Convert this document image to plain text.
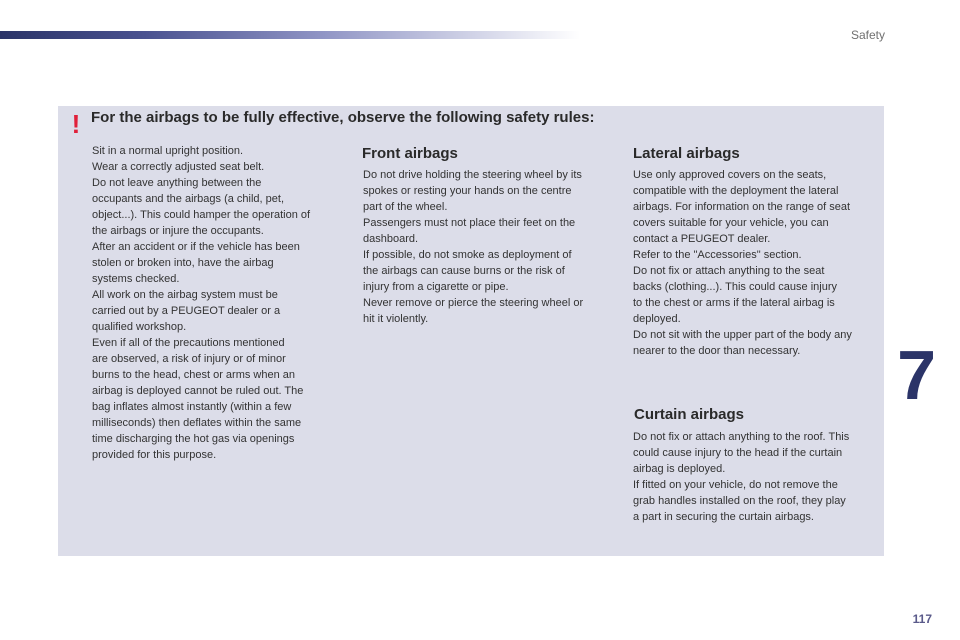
Safety
! For the airbags to be fully effective, observe the following safety rules:

Sit in a normal upright position.

Wear a correctly adjusted seat belt.

Do not leave anything between the

occupants and the airbags (a child, pet,

object...). This could hamper the operation of

the airbags or injure the occupants.

After an accident or if the vehicle has been

stolen or broken into, have the airbag

systems checked.

All work on the airbag system must be

carried out by a PEUGEOT dealer or a

qualified workshop.

Even if all of the precautions mentioned

are observed, a risk of injury or of minor

burns to the head, chest or arms when an

airbag is deployed cannot be ruled out. The

bag inflates almost instantly (within a few

milliseconds) then deflates within the same

time discharging the hot gas via openings

provided for this purpose.

Front airbags

Do not drive holding the steering wheel by its

spokes or resting your hands on the centre

part of the wheel.

Passengers must not place their feet on the

dashboard.

If possible, do not smoke as deployment of

the airbags can cause burns or the risk of

injury from a cigarette or pipe.

Never remove or pierce the steering wheel or

hit it violently.

Lateral airbags

Use only approved covers on the seats,

compatible with the deployment the lateral

airbags. For information on the range of seat

covers suitable for your vehicle, you can

contact a PEUGEOT dealer.

Refer to the "Accessories" section.

Do not fix or attach anything to the seat

backs (clothing...). This could cause injury

to the chest or arms if the lateral airbag is

deployed.

Do not sit with the upper part of the body any

nearer to the door than necessary.

Curtain airbags

Do not fix or attach anything to the roof. This

could cause injury to the head if the curtain

airbag is deployed.

If fitted on your vehicle, do not remove the

grab handles installed on the roof, they play

a part in securing the curtain airbags.

7
117
